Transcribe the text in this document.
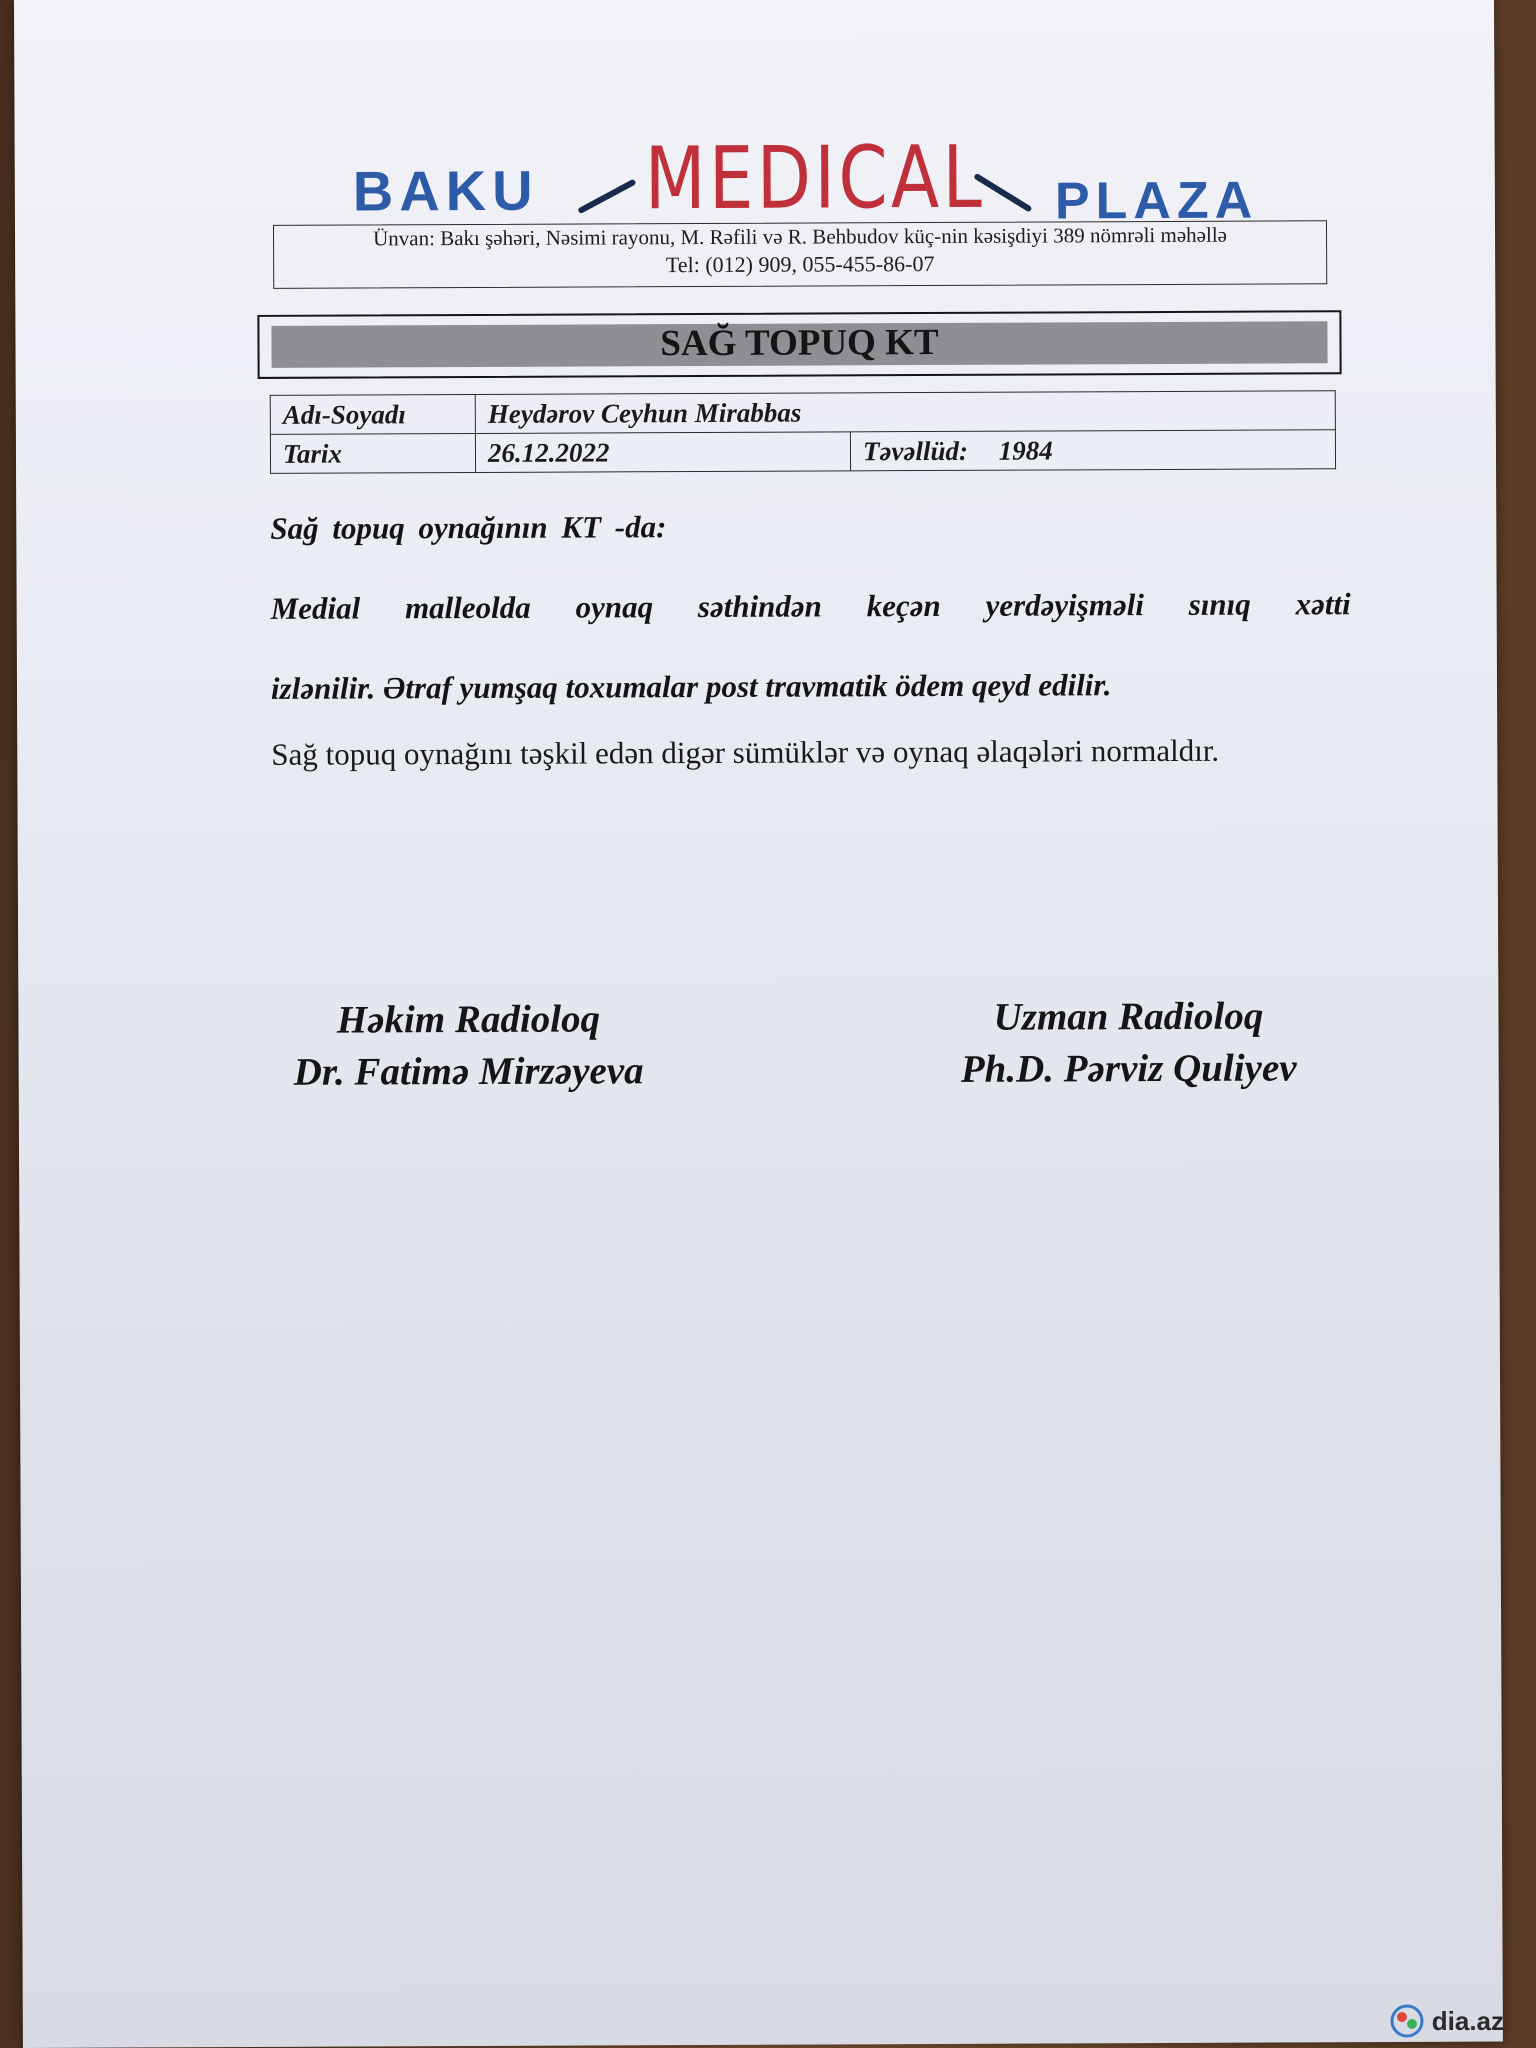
BAKU MEDICAL PLAZA
Ünvan: Bakı şəhəri, Nəsimi rayonu, M. Rəfili və R. Behbudov küç-nin kəsişdiyi 389 nömrəli məhəllə
Tel: (012) 909, 055-455-86-07
SAĞ TOPUQ KT
Adı-Soyadı	Heydərov Ceyhun Mirabbas	
Tarix	26.12.2022	Təvəllüd: 1984
Sağ topuq oynağının KT -da:
Medial malleolda oynaq səthindən keçən yerdəyişməli sınıq xətti
izlənilir. Ətraf yumşaq toxumalar post travmatik ödem qeyd edilir.
Sağ topuq oynağını təşkil edən digər sümüklər və oynaq əlaqələri normaldır.
Həkim Radioloq
Dr. Fatimə Mirzəyeva
Uzman Radioloq
Ph.D. Pərviz Quliyev
dia.az
